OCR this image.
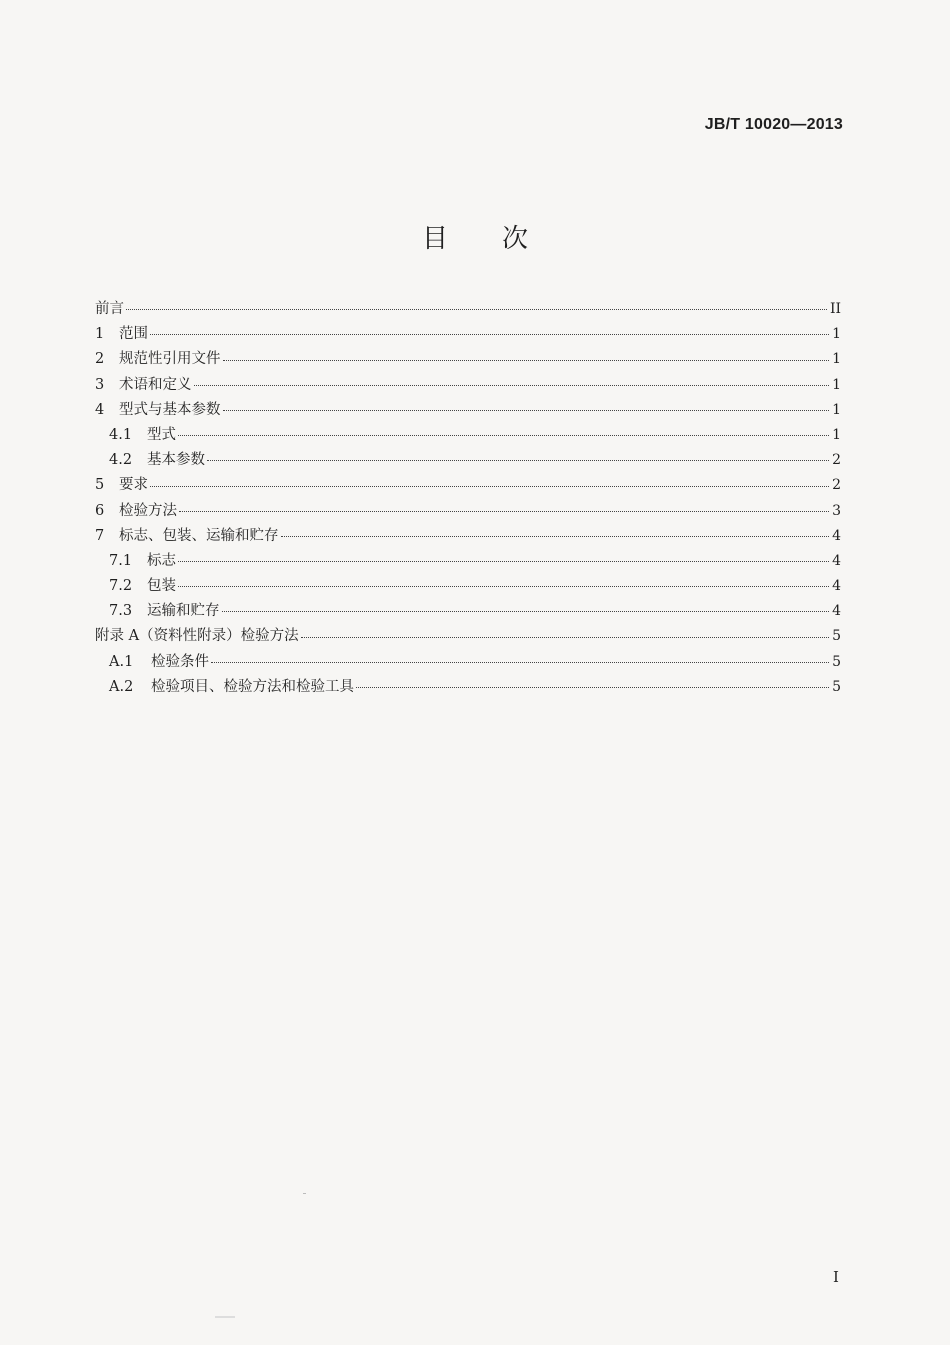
JB/T 10020—2013
目 次
前言	II
1	范围	1
2	规范性引用文件	1
3	术语和定义	1
4	型式与基本参数	1
4.1	型式	1
4.2	基本参数	2
5	要求	2
6	检验方法	3
7	标志、包装、运输和贮存	4
7.1	标志	4
7.2	包装	4
7.3	运输和贮存	4
附录 A（资料性附录）检验方法	5
A.1	检验条件	5
A.2	检验项目、检验方法和检验工具	5
I
